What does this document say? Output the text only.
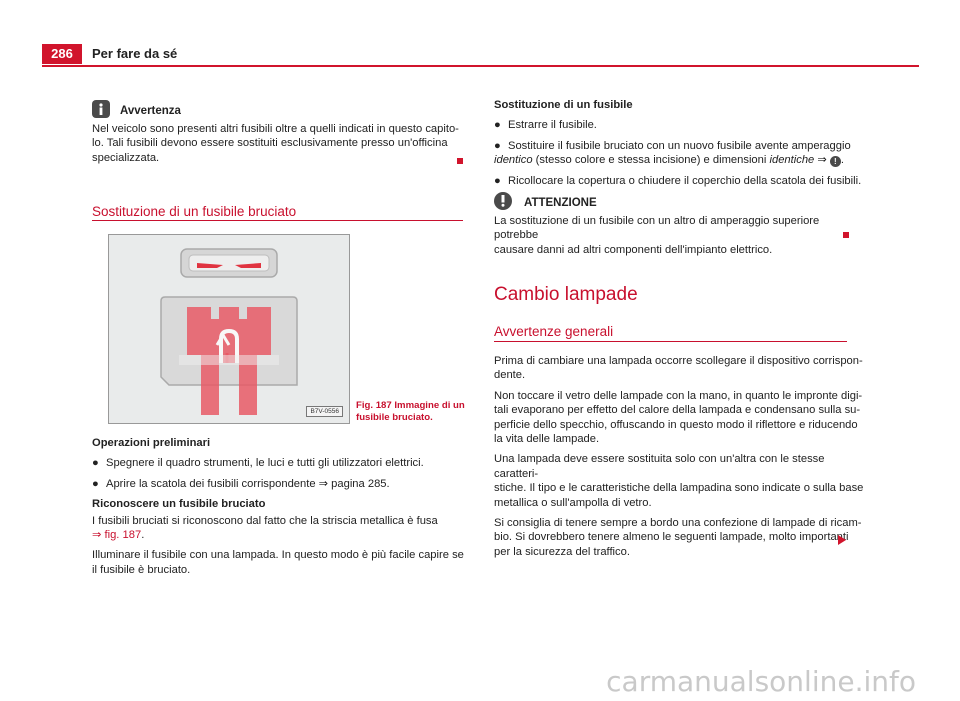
286	Per fare da sé
Avvertenza

Nel veicolo sono presenti altri fusibili oltre a quelli indicati in questo capito-

lo. Tali fusibili devono essere sostituiti esclusivamente presso un'officina

specializzata.

Sostituzione di un fusibile bruciato
B7V-0556
Fig. 187 Immagine di un
fusibile bruciato.

Operazioni preliminari

● Spegnere il quadro strumenti, le luci e tutti gli utilizzatori elettrici.
● Aprire la scatola dei fusibili corrispondente ⇒ pagina 285.

Riconoscere un fusibile bruciato

I fusibili bruciati si riconoscono dal fatto che la striscia metallica è fusa

⇒ fig. 187.

Illuminare il fusibile con una lampada. In questo modo è più facile capire se

il fusibile è bruciato.

Sostituzione di un fusibile

● Estrarre il fusibile.
● Sostituire il fusibile bruciato con un nuovo fusibile avente amperaggio

identico (stesso colore e stessa incisione) e dimensioni identiche ⇒ ! .

● Ricollocare la copertura o chiudere il coperchio della scatola dei fusibili.
ATTENZIONE

La sostituzione di un fusibile con un altro di amperaggio superiore potrebbe

causare danni ad altri componenti dell'impianto elettrico.

Cambio lampade
Avvertenze generali

Prima di cambiare una lampada occorre scollegare il dispositivo corrispon-

dente.

Non toccare il vetro delle lampade con la mano, in quanto le impronte digi-

tali evaporano per effetto del calore della lampada e condensano sulla su-

perficie dello specchio, offuscando in questo modo il riflettore e riducendo

la vita delle lampade.

Una lampada deve essere sostituita solo con un'altra con le stesse caratteri-

stiche. Il tipo e le caratteristiche della lampadina sono indicate o sulla base

metallica o sull'ampolla di vetro.

Si consiglia di tenere sempre a bordo una confezione di lampade di ricam-

bio. Si dovrebbero tenere almeno le seguenti lampade, molto importanti

per la sicurezza del traffico.

carmanualsonline.info
